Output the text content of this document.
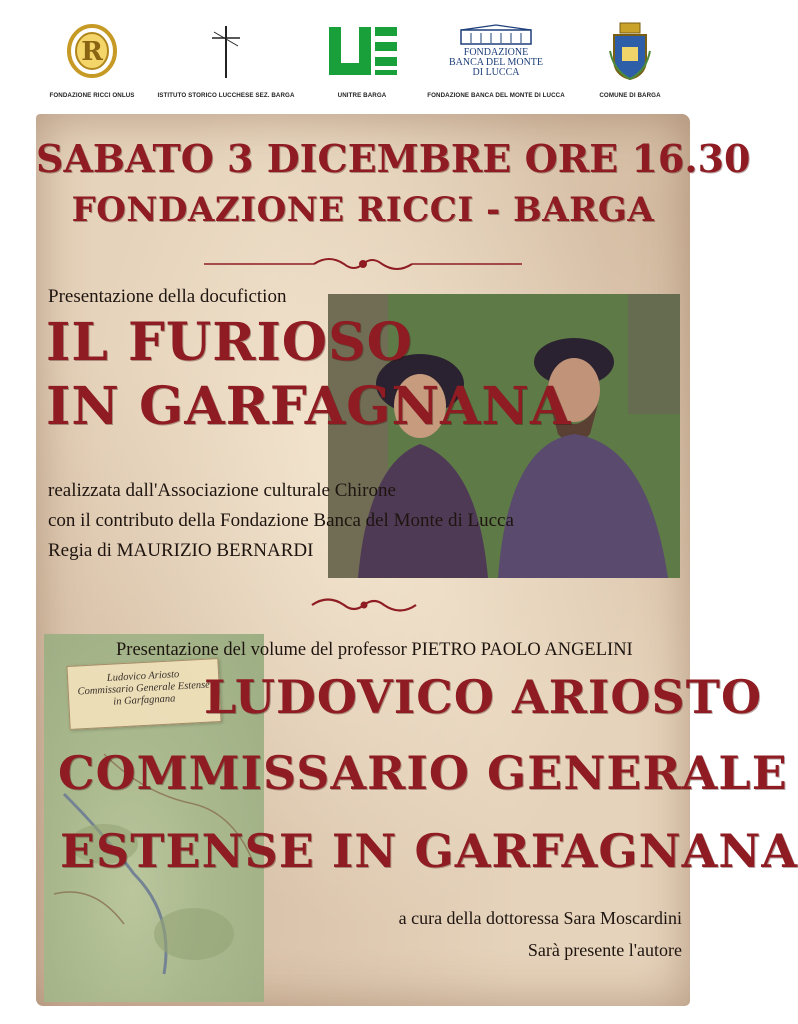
R
FONDAZIONE RICCI ONLUS	ISTITUTO STORICO LUCCHESE SEZ. BARGA	UNITRE BARGA
FONDAZIONE
BANCA DEL MONTE
DI LUCCA
FONDAZIONE BANCA DEL MONTE DI LUCCA	COMUNE DI BARGA
SABATO 3 DICEMBRE ORE 16.30
FONDAZIONE RICCI - BARGA
Presentazione della docufiction
IL FURIOSO
IN GARFAGNANA
realizzata dall'Associazione culturale Chirone
con il contributo della Fondazione Banca del Monte di Lucca
Regia di MAURIZIO BERNARDI
Ludovico Ariosto
Commissario Generale Estense
in Garfagnana
Presentazione del volume del professor PIETRO PAOLO ANGELINI
LUDOVICO ARIOSTO
COMMISSARIO GENERALE
ESTENSE IN GARFAGNANA
a cura della dottoressa Sara Moscardini
Sarà presente l'autore
